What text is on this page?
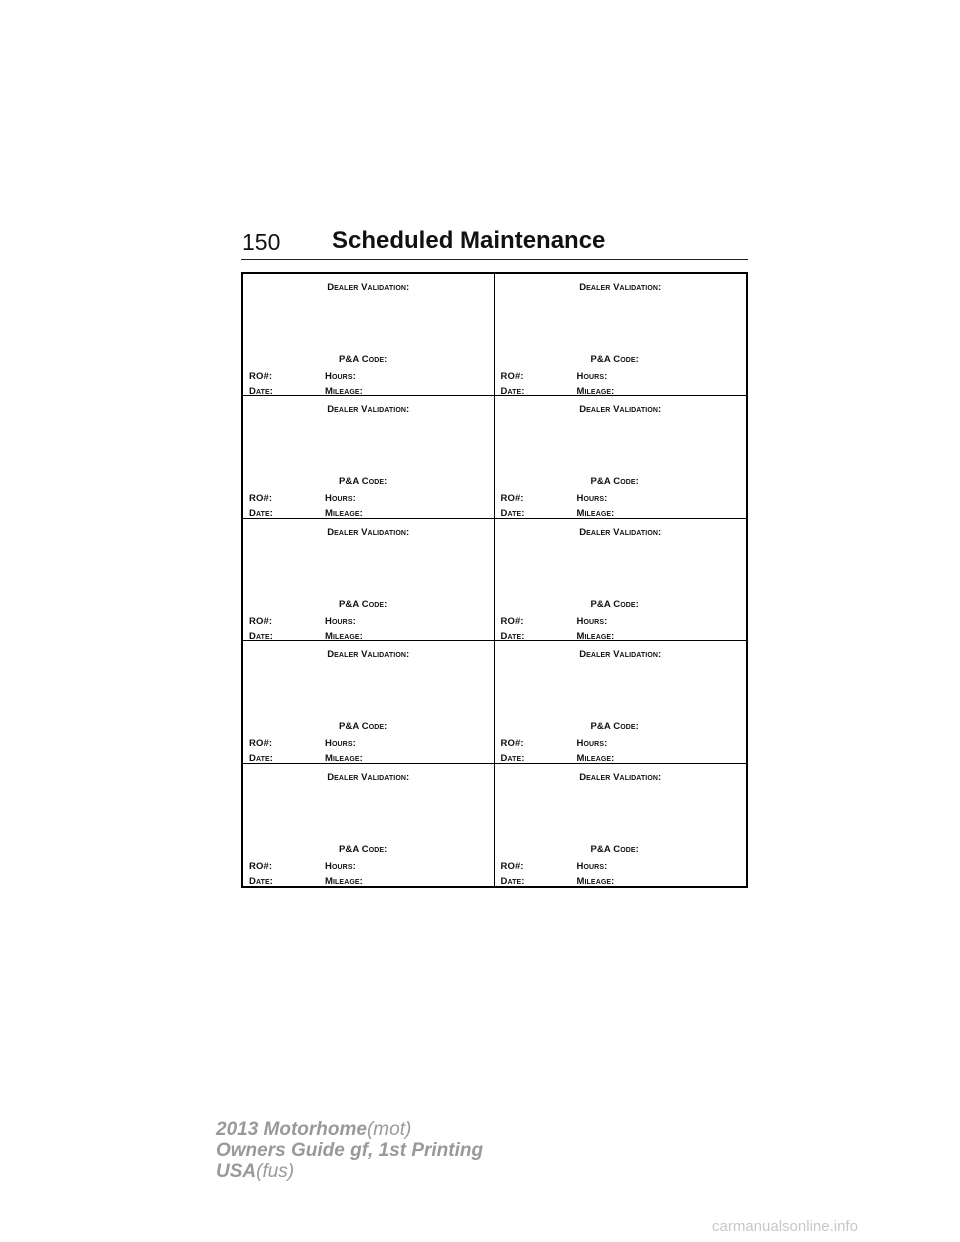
150 Scheduled Maintenance
Dealer Validation:
P&A Code:
RO#:	Hours:
Date:	Mileage:
Dealer Validation:
P&A Code:
RO#:	Hours:
Date:	Mileage:
Dealer Validation:
P&A Code:
RO#:	Hours:
Date:	Mileage:
Dealer Validation:
P&A Code:
RO#:	Hours:
Date:	Mileage:
Dealer Validation:
P&A Code:
RO#:	Hours:
Date:	Mileage:
Dealer Validation:
P&A Code:
RO#:	Hours:
Date:	Mileage:
Dealer Validation:
P&A Code:
RO#:	Hours:
Date:	Mileage:
Dealer Validation:
P&A Code:
RO#:	Hours:
Date:	Mileage:
Dealer Validation:
P&A Code:
RO#:	Hours:
Date:	Mileage:
Dealer Validation:
P&A Code:
RO#:	Hours:
Date:	Mileage:
2013 Motorhome(mot)
Owners Guide gf, 1st Printing
USA(fus)
carmanualsonline.info
